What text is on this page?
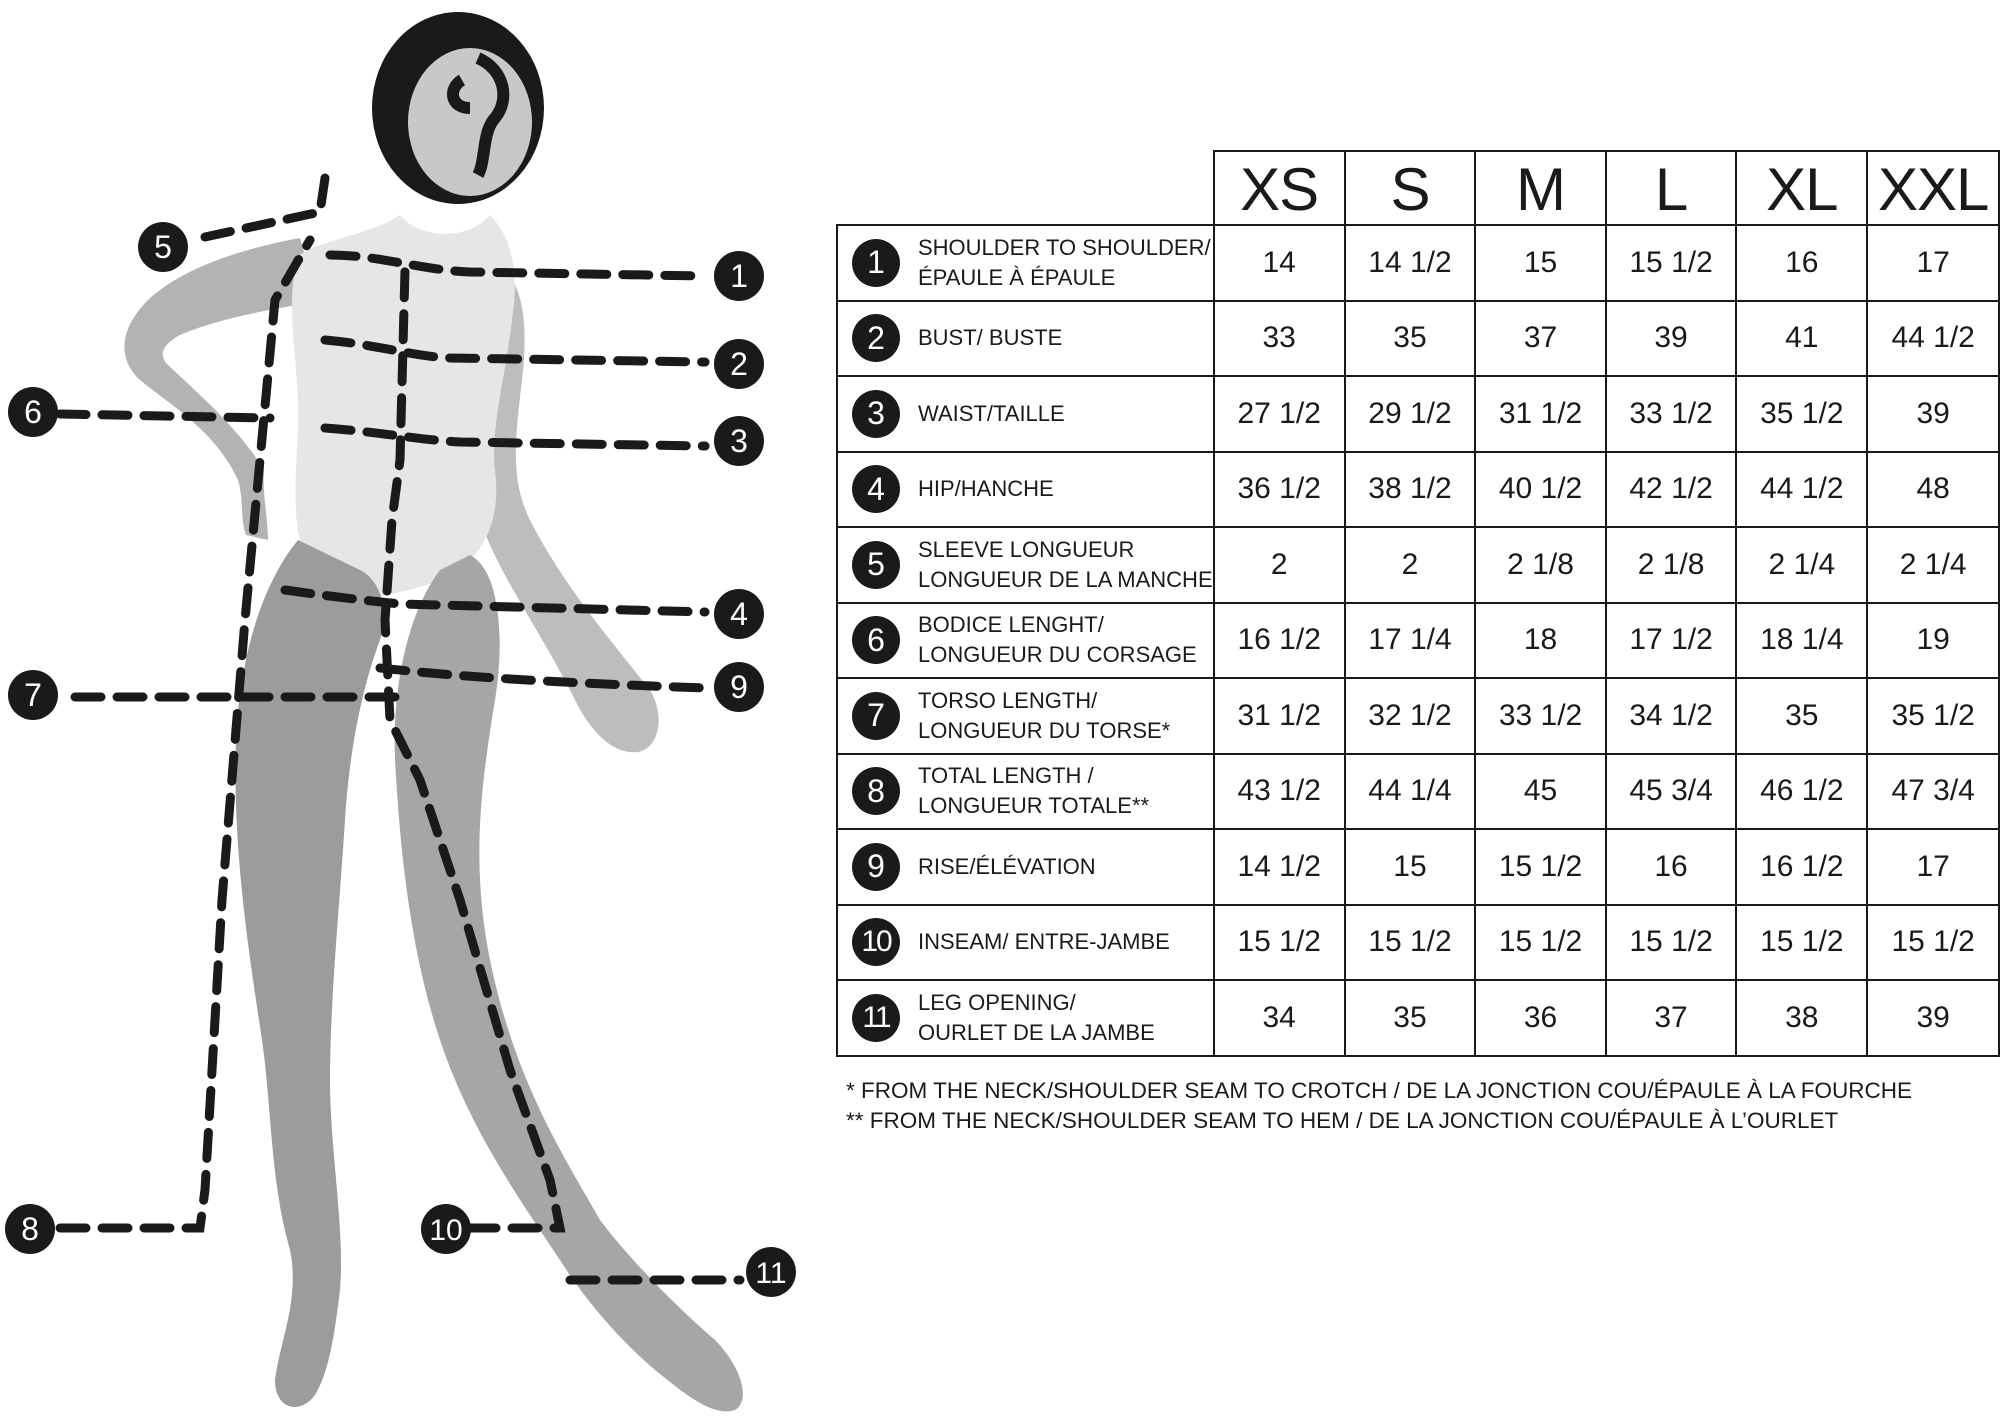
1
2
3
4
5
6
7
8
9
10
11
	XS	S	M	L	XL	XXL

1 SHOULDER TO SHOULDER/
ÉPAULE À ÉPAULE	14	14 1/2	15	15 1/2	16	17

2 BUST/ BUSTE	33	35	37	39	41	44 1/2

3 WAIST/TAILLE	27 1/2	29 1/2	31 1/2	33 1/2	35 1/2	39

4 HIP/HANCHE	36 1/2	38 1/2	40 1/2	42 1/2	44 1/2	48

5 SLEEVE LONGUEUR
LONGUEUR DE LA MANCHE	2	2	2 1/8	2 1/8	2 1/4	2 1/4

6 BODICE LENGHT/
LONGUEUR DU CORSAGE	16 1/2	17 1/4	18	17 1/2	18 1/4	19

7 TORSO LENGTH/
LONGUEUR DU TORSE*	31 1/2	32 1/2	33 1/2	34 1/2	35	35 1/2

8 TOTAL LENGTH /
LONGUEUR TOTALE**	43 1/2	44 1/4	45	45 3/4	46 1/2	47 3/4

9 RISE/ÉLÉVATION	14 1/2	15	15 1/2	16	16 1/2	17

10 INSEAM/ ENTRE-JAMBE	15 1/2	15 1/2	15 1/2	15 1/2	15 1/2	15 1/2

11 LEG OPENING/
OURLET DE LA JAMBE	34	35	36	37	38	39
* FROM THE NECK/SHOULDER SEAM TO CROTCH / DE LA JONCTION COU/ÉPAULE À LA FOURCHE
** FROM THE NECK/SHOULDER SEAM TO HEM / DE LA JONCTION COU/ÉPAULE À L’OURLET
